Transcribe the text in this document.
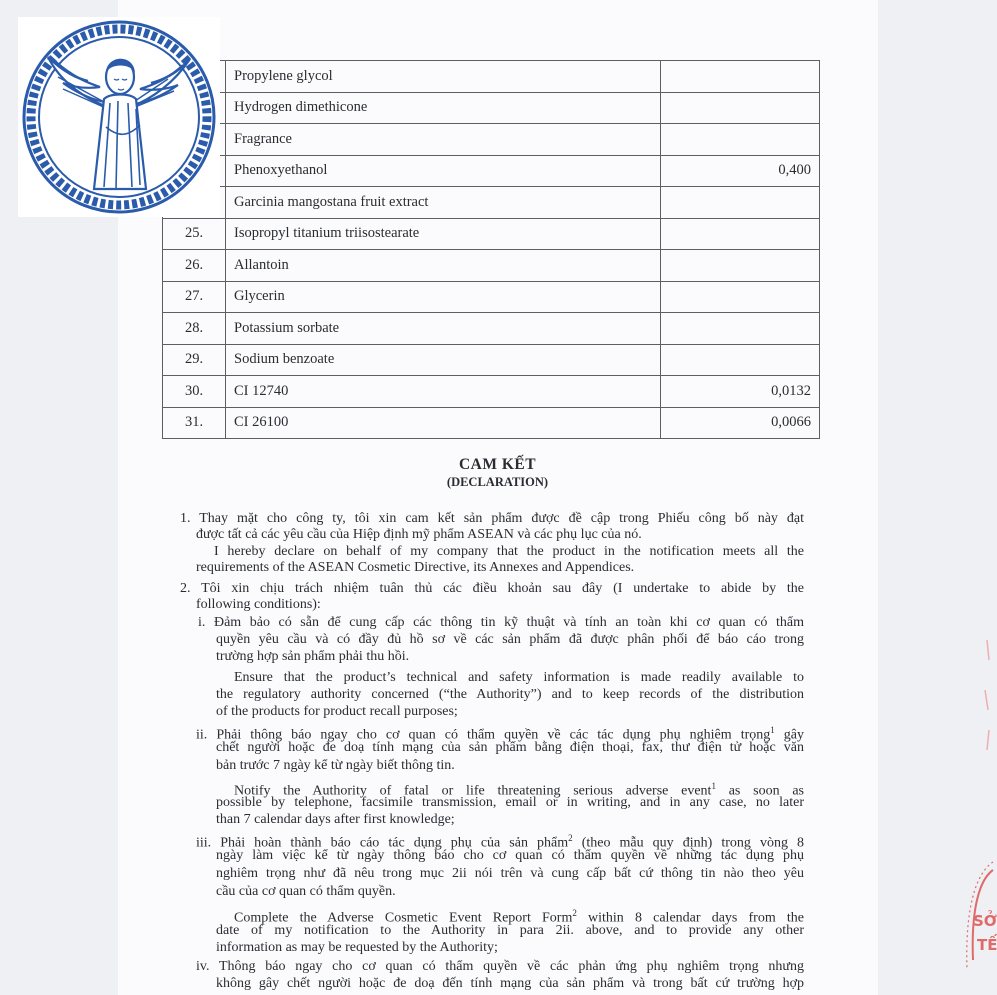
	Propylene glycol	
	Hydrogen dimethicone	
	Fragrance	
	Phenoxyethanol	0,400
	Garcinia mangostana fruit extract	
25.	Isopropyl titanium triisostearate	
26.	Allantoin	
27.	Glycerin	
28.	Potassium sorbate	
29.	Sodium benzoate	
30.	CI 12740	0,0132
31.	CI 26100	0,0066
CAM KẾT
(DECLARATION)
1. Thay mặt cho công ty, tôi xin cam kết sản phẩm được đề cập trong Phiếu công bố này đạt
được tất cả các yêu cầu của Hiệp định mỹ phẩm ASEAN và các phụ lục của nó.
I hereby declare on behalf of my company that the product in the notification meets all the
requirements of the ASEAN Cosmetic Directive, its Annexes and Appendices.
2. Tôi xin chịu trách nhiệm tuân thủ các điều khoản sau đây (I undertake to abide by the
following conditions):
i. Đảm bảo có sẵn để cung cấp các thông tin kỹ thuật và tính an toàn khi cơ quan có thẩm
quyền yêu cầu và có đầy đủ hồ sơ về các sản phẩm đã được phân phối để báo cáo trong
trường hợp sản phẩm phải thu hồi.
Ensure that the product’s technical and safety information is made readily available to
the regulatory authority concerned (“the Authority”) and to keep records of the distribution
of the products for product recall purposes;
ii. Phải thông báo ngay cho cơ quan có thẩm quyền về các tác dụng phụ nghiêm trọng$^1$ gây
chết người hoặc đe doạ tính mạng của sản phẩm bằng điện thoại, fax, thư điện tử hoặc văn
bản trước 7 ngày kể từ ngày biết thông tin.
Notify the Authority of fatal or life threatening serious adverse event$^1$ as soon as
possible by telephone, facsimile transmission, email or in writing, and in any case, no later
than 7 calendar days after first knowledge;
iii. Phải hoàn thành báo cáo tác dụng phụ của sản phẩm$^2$ (theo mẫu quy định) trong vòng 8
ngày làm việc kể từ ngày thông báo cho cơ quan có thẩm quyền về những tác dụng phụ
nghiêm trọng như đã nêu trong mục 2ii nói trên và cung cấp bất cứ thông tin nào theo yêu
cầu của cơ quan có thẩm quyền.
Complete the Adverse Cosmetic Event Report Form$^2$ within 8 calendar days from the
date of my notification to the Authority in para 2ii. above, and to provide any other
information as may be requested by the Authority;
iv. Thông báo ngay cho cơ quan có thẩm quyền về các phản ứng phụ nghiêm trọng nhưng
không gây chết người hoặc đe doạ đến tính mạng của sản phẩm và trong bất cứ trường hợp
SỞ
TẾ
